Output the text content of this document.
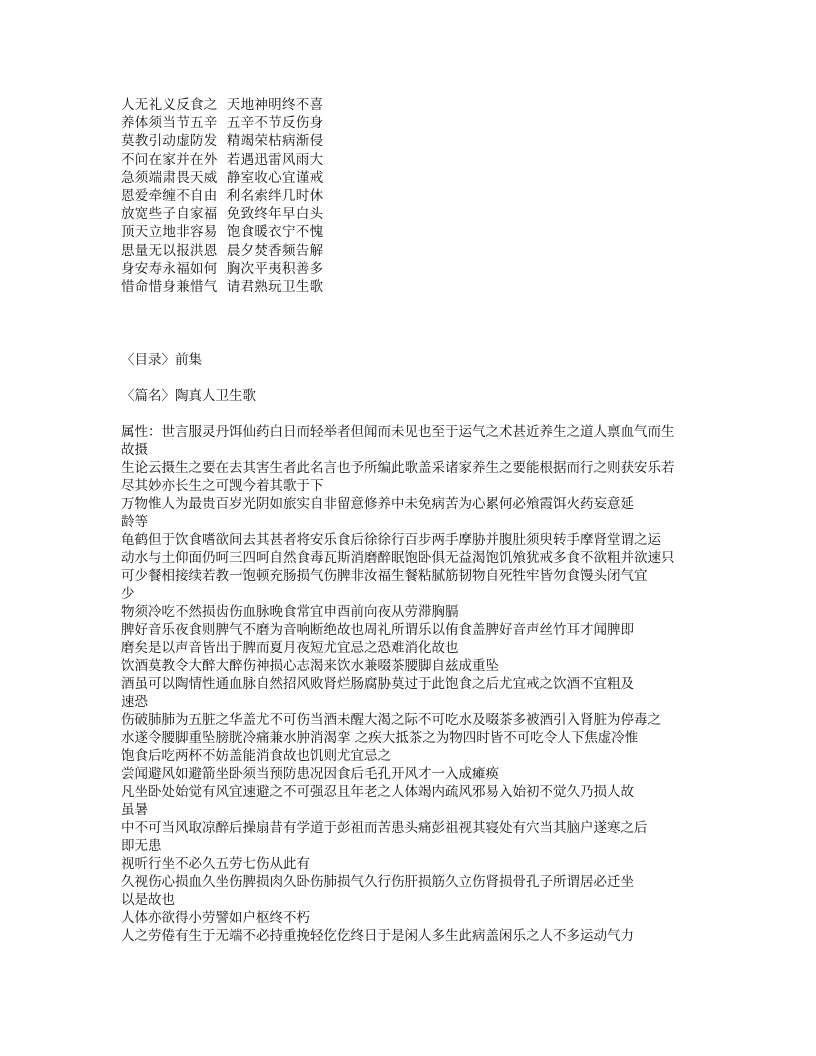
人无礼义反食之  天地神明终不喜
养体须当节五辛  五辛不节反伤身
莫教引动虚防发  精竭荣枯病渐侵
不问在家并在外  若遇迅雷风雨大
急须端肃畏天威  静室收心宜谨戒
恩爱牵缠不自由  利名索绊几时休
放宽些子自家福  免致终年早白头
顶天立地非容易  饱食暖衣宁不愧
思量无以报洪恩  晨夕焚香频告解
身安寿永福如何  胸次平夷积善多
惜命惜身兼惜气  请君熟玩卫生歌
〈目录〉前集
〈篇名〉陶真人卫生歌
属性：世言服灵丹饵仙药白日而轻举者但闻而未见也至于运气之术甚近养生之道人禀血气而生
故摄
生论云摄生之要在去其害生者此名言也予所编此歌盖采诸家养生之要能根据而行之则获安乐若
尽其妙亦长生之可觊今着其歌于下
万物惟人为最贵百岁光阴如旅实自非留意修养中未免病苦为心累何必飧霞饵火药妄意延
龄等
龟鹤但于饮食嗜欲间去其甚者将安乐食后徐徐行百步两手摩胁并腹肚须臾转手摩肾堂谓之运
动水与土仰面仍呵三四呵自然食毒瓦斯消磨醉眠饱卧俱无益渴饱饥飧犹戒多食不欲粗并欲速只
可少餐相接续若教一饱顿充肠损气伤脾非汝福生餐粘腻筋韧物自死牲牢皆勿食馒头闭气宜
少
物须冷吃不然损齿伤血脉晚食常宜申酉前向夜从劳滞胸膈
脾好音乐夜食则脾气不磨为音响断绝故也周礼所谓乐以侑食盖脾好音声丝竹耳才闻脾即
磨矣是以声音皆出于脾而夏月夜短尤宜忌之恐难消化故也
饮酒莫教令大醉大醉伤神损心志渴来饮水兼啜茶腰脚自兹成重坠
酒虽可以陶情性通血脉自然招风败肾烂肠腐胁莫过于此饱食之后尤宜戒之饮酒不宜粗及
速恐
伤破肺肺为五脏之华盖尤不可伤当酒未醒大渴之际不可吃水及啜茶多被酒引入肾脏为停毒之
水遂令腰脚重坠膀胱冷痛兼水肿消渴挛 之疾大抵茶之为物四时皆不可吃令人下焦虚冷惟
饱食后吃两杯不妨盖能消食故也饥则尤宜忌之
尝闻避风如避箭坐卧须当预防患况因食后毛孔开风才一入成瘫痪
凡坐卧处始觉有风宜速避之不可强忍且年老之人体竭内疏风邪易入始初不觉久乃损人故
虽暑
中不可当风取凉醉后操扇昔有学道于彭祖而苦患头痛彭祖视其寝处有穴当其脑户遂寒之后
即无患
视听行坐不必久五劳七伤从此有
久视伤心损血久坐伤脾损肉久卧伤肺损气久行伤肝损筋久立伤肾损骨孔子所谓居必迁坐
以是故也
人体亦欲得小劳譬如户枢终不朽
人之劳倦有生于无端不必持重挽轻仡仡终日于是闲人多生此病盖闲乐之人不多运动气力
